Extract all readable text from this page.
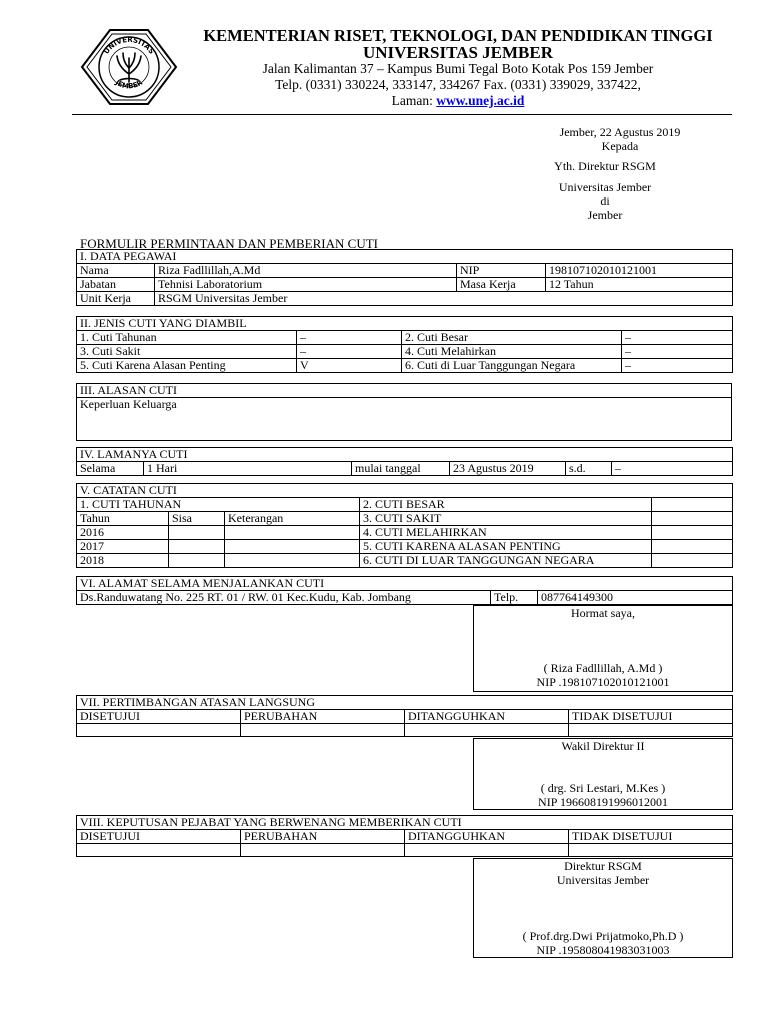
UNIVERSITAS
JEMBER
KEMENTERIAN RISET, TEKNOLOGI, DAN PENDIDIKAN TINGGI
UNIVERSITAS JEMBER
Jalan Kalimantan 37 – Kampus Bumi Tegal Boto Kotak Pos 159 Jember
Telp. (0331) 330224, 333147, 334267 Fax. (0331) 339029, 337422,
Laman: www.unej.ac.id
Jember, 22 Agustus 2019
Kepada
Yth. Direktur RSGM
Universitas Jember
di
Jember
FORMULIR PERMINTAAN DAN PEMBERIAN CUTI
I. DATA PEGAWAI			
Nama	Riza Fadllillah,A.Md	NIP	198107102010121001
Jabatan	Tehnisi Laboratorium	Masa Kerja	12 Tahun
Unit Kerja	RSGM Universitas Jember		
II. JENIS CUTI YANG DIAMBIL			
1. Cuti Tahunan	–	2. Cuti Besar	–
3. Cuti Sakit	–	4. Cuti Melahirkan	–
5. Cuti Karena Alasan Penting	V	6. Cuti di Luar Tanggungan Negara	–
III. ALASAN CUTI
Keperluan Keluarga
IV. LAMANYA CUTI
Selama	1 Hari	mulai tanggal	23 Agustus 2019	s.d.	–
V. CATATAN CUTI				
1. CUTI TAHUNAN			2. CUTI BESAR	
Tahun	Sisa	Keterangan	3. CUTI SAKIT	
2016			4. CUTI MELAHIRKAN	
2017			5. CUTI KARENA ALASAN PENTING	
2018			6. CUTI DI LUAR TANGGUNGAN NEGARA	
VI. ALAMAT SELAMA MENJALANKAN CUTI
Ds.Randuwatang No. 225 RT. 01 / RW. 01 Kec.Kudu, Kab. Jombang	Telp.	087764149300
Hormat saya,
( Riza Fadllillah, A.Md )
NIP .198107102010121001
VII. PERTIMBANGAN ATASAN LANGSUNG			
DISETUJUI	PERUBAHAN	DITANGGUHKAN	TIDAK DISETUJUI

Wakil Direktur II
( drg. Sri Lestari, M.Kes )
NIP 196608191996012001
VIII. KEPUTUSAN PEJABAT YANG BERWENANG MEMBERIKAN CUTI			
DISETUJUI	PERUBAHAN	DITANGGUHKAN	TIDAK DISETUJUI

Direktur RSGM
Universitas Jember
( Prof.drg.Dwi Prijatmoko,Ph.D )
NIP .195808041983031003
